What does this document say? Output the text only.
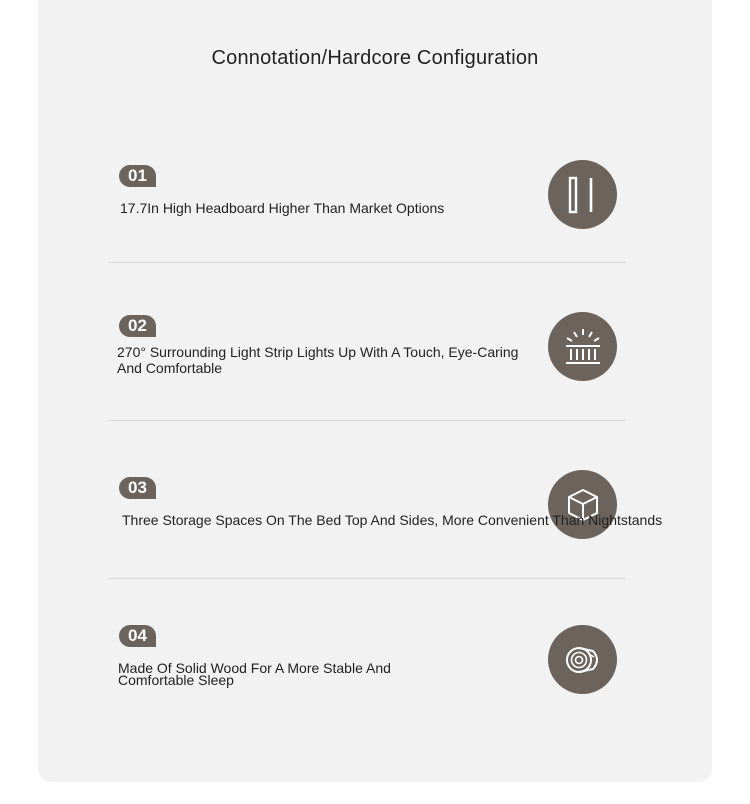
Connotation/Hardcore Configuration
01
17.7In High Headboard Higher Than Market Options
02
270° Surrounding Light Strip Lights Up With A Touch, Eye-Caring And Comfortable
03
Three Storage Spaces On The Bed Top And Sides, More Convenient Than Nightstands
04
Made Of Solid Wood For A More Stable And Comfortable Sleep
